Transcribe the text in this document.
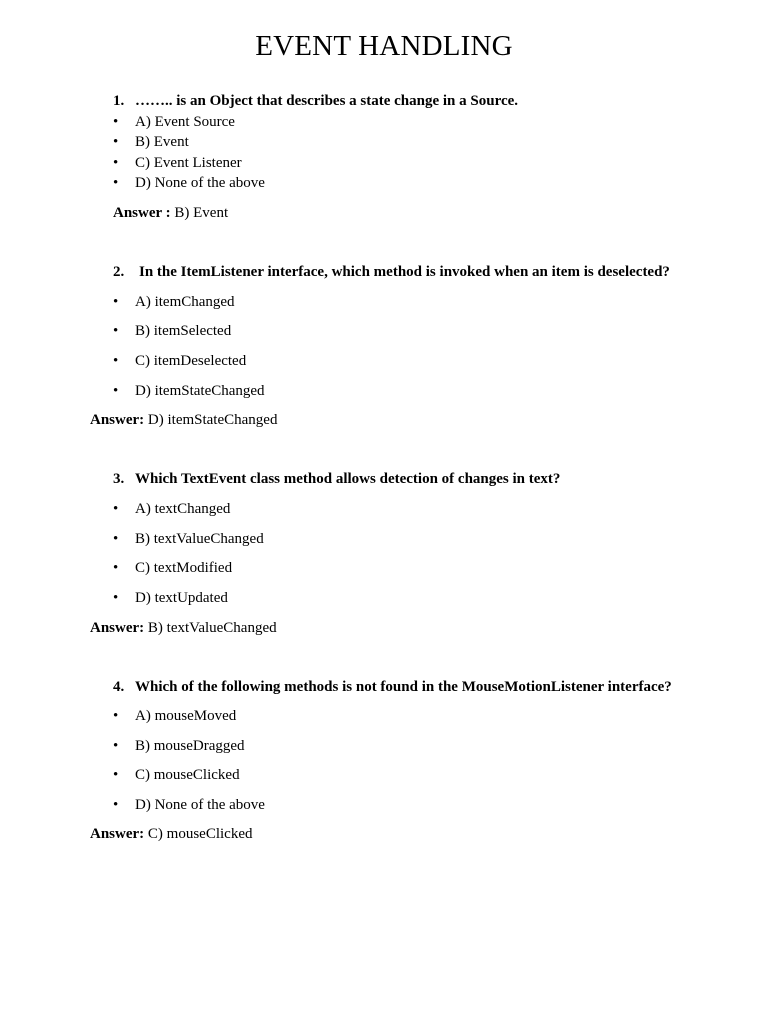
EVENT HANDLING
1. …….. is an Object that describes a state change in a Source.
• A) Event Source
• B) Event
• C) Event Listener
• D) None of the above
Answer : B) Event
2. In the ItemListener interface, which method is invoked when an item is deselected?
• A) itemChanged
• B) itemSelected
• C) itemDeselected
• D) itemStateChanged
Answer: D) itemStateChanged
3. Which TextEvent class method allows detection of changes in text?
• A) textChanged
• B) textValueChanged
• C) textModified
• D) textUpdated
Answer: B) textValueChanged
4. Which of the following methods is not found in the MouseMotionListener interface?
• A) mouseMoved
• B) mouseDragged
• C) mouseClicked
• D) None of the above
Answer: C) mouseClicked
